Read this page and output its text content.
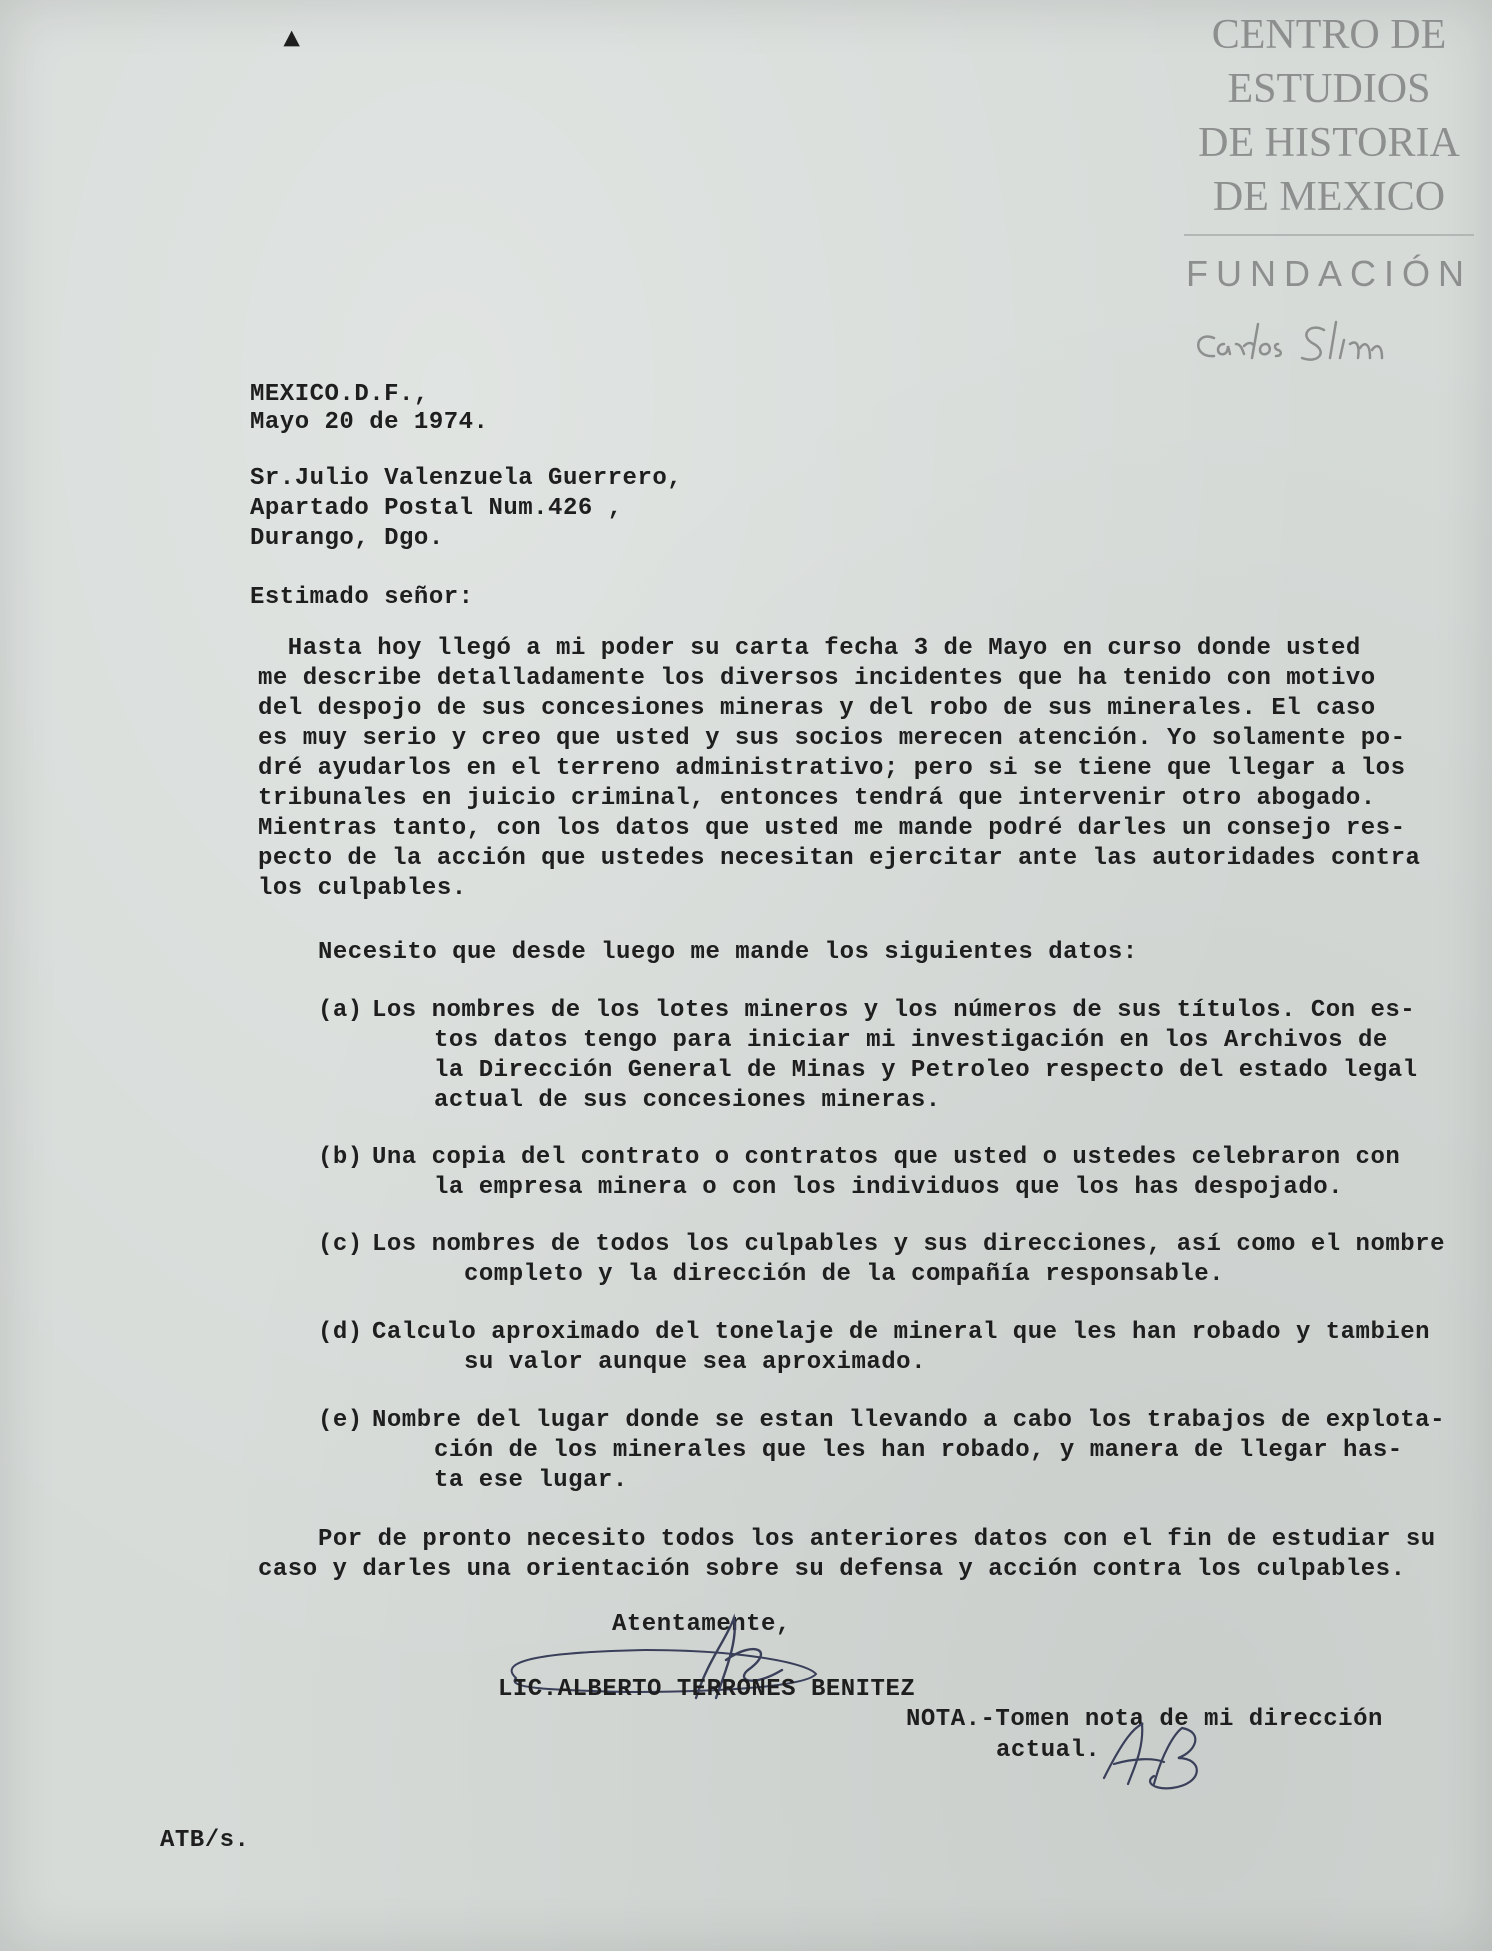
▲
	CENTRO DE
ESTUDIOS
DE HISTORIA
DE MEXICO
FUNDACIÓN
MEXICO.D.F.,
Mayo 20 de 1974.
Sr.Julio Valenzuela Guerrero,
Apartado Postal Num.426 ,
Durango, Dgo.
Estimado señor:
Hasta hoy llegó a mi poder su carta fecha 3 de Mayo en curso donde usted
me describe detalladamente los diversos incidentes que ha tenido con motivo
del despojo de sus concesiones mineras y del robo de sus minerales. El caso
es muy serio y creo que usted y sus socios merecen atención. Yo solamente po-
dré ayudarlos en el terreno administrativo; pero si se tiene que llegar a los
tribunales en juicio criminal, entonces tendrá que intervenir otro abogado.
Mientras tanto, con los datos que usted me mande podré darles un consejo res-
pecto de la acción que ustedes necesitan ejercitar ante las autoridades contra
los culpables.
Necesito que desde luego me mande los siguientes datos:
(a) Los nombres de los lotes mineros y los números de sus títulos. Con es-
tos datos tengo para iniciar mi investigación en los Archivos de
la Dirección General de Minas y Petroleo respecto del estado legal
actual de sus concesiones mineras.
(b) Una copia del contrato o contratos que usted o ustedes celebraron con
la empresa minera o con los individuos que los has despojado.
(c) Los nombres de todos los culpables y sus direcciones, así como el nombre
completo y la dirección de la compañía responsable.
(d) Calculo aproximado del tonelaje de mineral que les han robado y tambien
su valor aunque sea aproximado.
(e) Nombre del lugar donde se estan llevando a cabo los trabajos de explota-
ción de los minerales que les han robado, y manera de llegar has-
ta ese lugar.
Por de pronto necesito todos los anteriores datos con el fin de estudiar su
caso y darles una orientación sobre su defensa y acción contra los culpables.
Atentamente,
LIC.ALBERTO TERRONES BENITEZ
NOTA.-Tomen nota de mi dirección
actual.
ATB/s.
